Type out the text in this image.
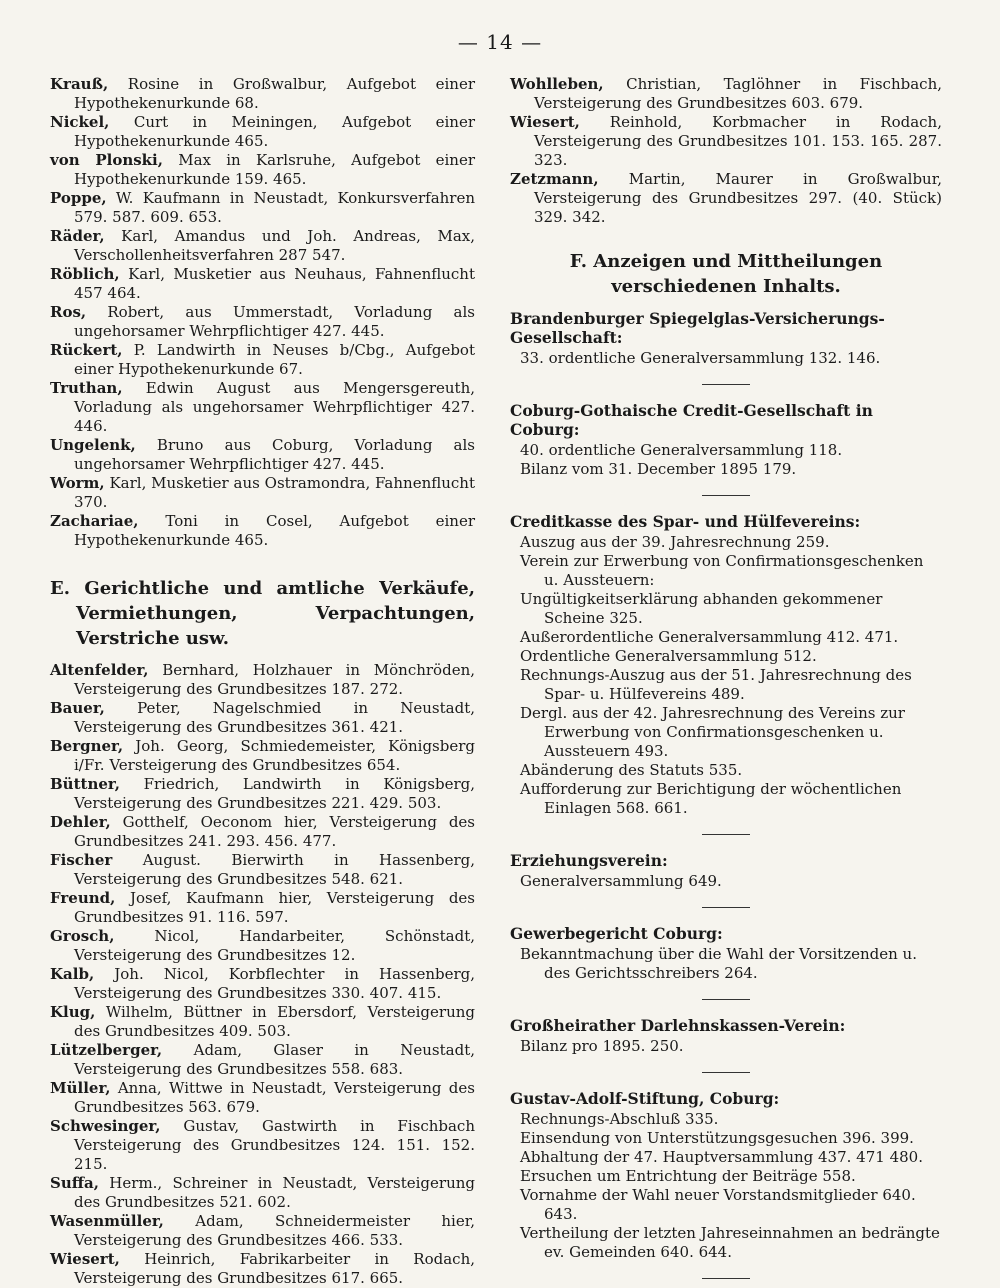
— 14 —
Krauß, Rosine in Großwalbur, Aufgebot einer Hypothekenurkunde 68.
Nickel, Curt in Meiningen, Aufgebot einer Hypothekenurkunde 465.
von Plonski, Max in Karlsruhe, Aufgebot einer Hypothekenurkunde 159. 465.
Poppe, W. Kaufmann in Neustadt, Konkursverfahren 579. 587. 609. 653.
Räder, Karl, Amandus und Joh. Andreas, Max, Verschollenheitsverfahren 287 547.
Röblich, Karl, Musketier aus Neuhaus, Fahnenflucht 457 464.
Ros, Robert, aus Ummerstadt, Vorladung als ungehorsamer Wehrpflichtiger 427. 445.
Rückert, P. Landwirth in Neuses b/Cbg., Aufgebot einer Hypothekenurkunde 67.
Truthan, Edwin August aus Mengersgereuth, Vorladung als ungehorsamer Wehrpflichtiger 427. 446.
Ungelenk, Bruno aus Coburg, Vorladung als ungehorsamer Wehrpflichtiger 427. 445.
Worm, Karl, Musketier aus Ostramondra, Fahnenflucht 370.
Zachariae, Toni in Cosel, Aufgebot einer Hypothekenurkunde 465.
E. Gerichtliche und amtliche Verkäufe, Vermiethungen, Verpachtungen, Verstriche usw.
Altenfelder, Bernhard, Holzhauer in Mönchröden, Versteigerung des Grundbesitzes 187. 272.
Bauer, Peter, Nagelschmied in Neustadt, Versteigerung des Grundbesitzes 361. 421.
Bergner, Joh. Georg, Schmiedemeister, Königsberg i/Fr. Versteigerung des Grundbesitzes 654.
Büttner, Friedrich, Landwirth in Königsberg, Versteigerung des Grundbesitzes 221. 429. 503.
Dehler, Gotthelf, Oeconom hier, Versteigerung des Grundbesitzes 241. 293. 456. 477.
Fischer August. Bierwirth in Hassenberg, Versteigerung des Grundbesitzes 548. 621.
Freund, Josef, Kaufmann hier, Versteigerung des Grundbesitzes 91. 116. 597.
Grosch, Nicol, Handarbeiter, Schönstadt, Versteigerung des Grundbesitzes 12.
Kalb, Joh. Nicol, Korbflechter in Hassenberg, Versteigerung des Grundbesitzes 330. 407. 415.
Klug, Wilhelm, Büttner in Ebersdorf, Versteigerung des Grundbesitzes 409. 503.
Lützelberger, Adam, Glaser in Neustadt, Versteigerung des Grundbesitzes 558. 683.
Müller, Anna, Wittwe in Neustadt, Versteigerung des Grundbesitzes 563. 679.
Schwesinger, Gustav, Gastwirth in Fischbach Versteigerung des Grundbesitzes 124. 151. 152. 215.
Suffa, Herm., Schreiner in Neustadt, Versteigerung des Grundbesitzes 521. 602.
Wasenmüller, Adam, Schneidermeister hier, Versteigerung des Grundbesitzes 466. 533.
Wiesert, Heinrich, Fabrikarbeiter in Rodach, Versteigerung des Grundbesitzes 617. 665.
Wohlleben, Christian, Taglöhner in Fischbach, Versteigerung des Grundbesitzes 603. 679.
Wiesert, Reinhold, Korbmacher in Rodach, Versteigerung des Grundbesitzes 101. 153. 165. 287. 323.
Zetzmann, Martin, Maurer in Großwalbur, Versteigerung des Grundbesitzes 297. (40. Stück) 329. 342.
F. Anzeigen und Mittheilungen verschiedenen Inhalts.
Brandenburger Spiegelglas-Versicherungs-Gesellschaft:
33. ordentliche Generalversammlung 132. 146.
Coburg-Gothaische Credit-Gesellschaft in Coburg:
40. ordentliche Generalversammlung 118.
Bilanz vom 31. December 1895 179.
Creditkasse des Spar- und Hülfevereins:
Auszug aus der 39. Jahresrechnung 259.
Verein zur Erwerbung von Confirmationsgeschenken u. Aussteuern:
Ungültigkeitserklärung abhanden gekommener Scheine 325.
Außerordentliche Generalversammlung 412. 471.
Ordentliche Generalversammlung 512.
Rechnungs-Auszug aus der 51. Jahresrechnung des Spar- u. Hülfevereins 489.
Dergl. aus der 42. Jahresrechnung des Vereins zur Erwerbung von Confirmationsgeschenken u. Aussteuern 493.
Abänderung des Statuts 535.
Aufforderung zur Berichtigung der wöchentlichen Einlagen 568. 661.
Erziehungsverein:
Generalversammlung 649.
Gewerbegericht Coburg:
Bekanntmachung über die Wahl der Vorsitzenden u. des Gerichtsschreibers 264.
Großheirather Darlehnskassen-Verein:
Bilanz pro 1895. 250.
Gustav-Adolf-Stiftung, Coburg:
Rechnungs-Abschluß 335.
Einsendung von Unterstützungsgesuchen 396. 399.
Abhaltung der 47. Hauptversammlung 437. 471 480.
Ersuchen um Entrichtung der Beiträge 558.
Vornahme der Wahl neuer Vorstandsmitglieder 640. 643.
Vertheilung der letzten Jahreseinnahmen an bedrängte ev. Gemeinden 640. 644.
